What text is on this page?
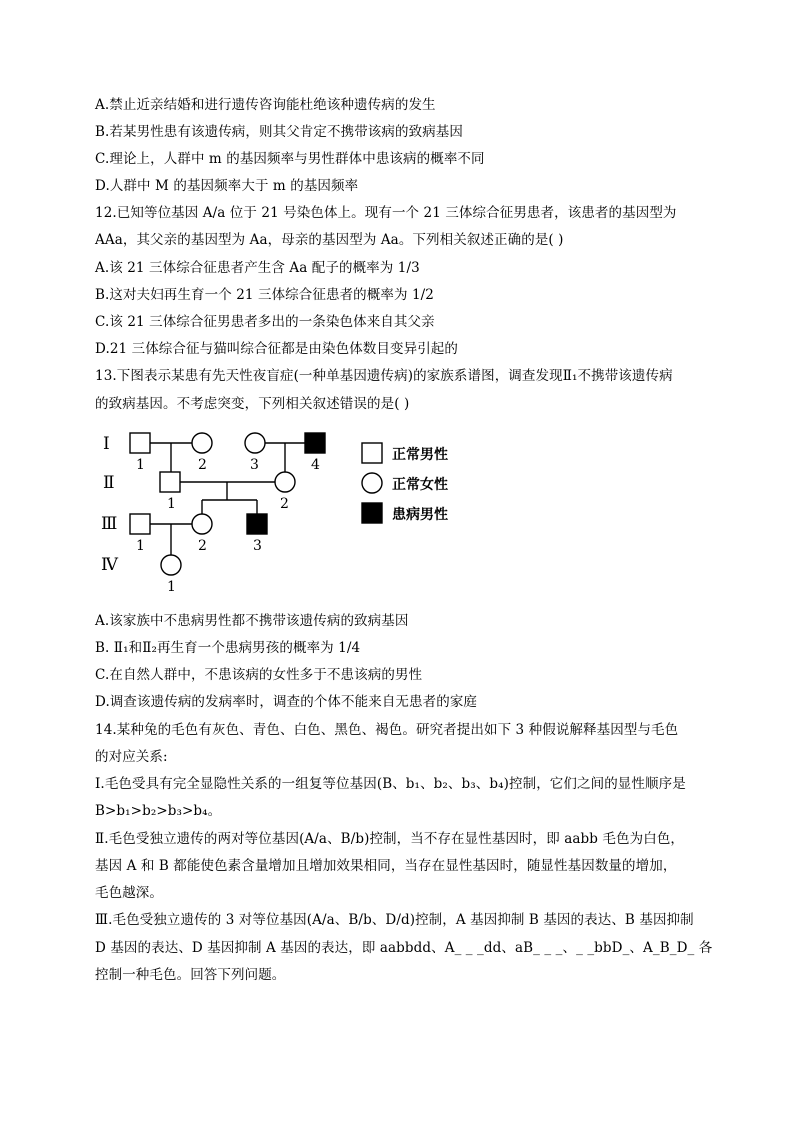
A.禁止近亲结婚和进行遗传咨询能杜绝该种遗传病的发生
B.若某男性患有该遗传病，则其父肯定不携带该病的致病基因
C.理论上，人群中 m 的基因频率与男性群体中患该病的概率不同
D.人群中 M 的基因频率大于 m 的基因频率
12.已知等位基因 A/a 位于 21 号染色体上。现有一个 21 三体综合征男患者，该患者的基因型为
AAa，其父亲的基因型为 Aa，母亲的基因型为 Aa。下列相关叙述正确的是( )
A.该 21 三体综合征患者产生含 Aa 配子的概率为 1/3
B.这对夫妇再生育一个 21 三体综合征患者的概率为 1/2
C.该 21 三体综合征男患者多出的一条染色体来自其父亲
D.21 三体综合征与猫叫综合征都是由染色体数目变异引起的
13.下图表示某患有先天性夜盲症(一种单基因遗传病)的家族系谱图，调查发现Ⅱ₁不携带该遗传病
的致病基因。不考虑突变，下列相关叙述错误的是( )
Ⅰ
Ⅱ
Ⅲ
Ⅳ
1	2	3	4
1	2
1	2	3
1
正常男性
正常女性
患病男性
A.该家族中不患病男性都不携带该遗传病的致病基因
B. Ⅱ₁和Ⅱ₂再生育一个患病男孩的概率为 1/4
C.在自然人群中，不患该病的女性多于不患该病的男性
D.调查该遗传病的发病率时，调查的个体不能来自无患者的家庭
14.某种兔的毛色有灰色、青色、白色、黑色、褐色。研究者提出如下 3 种假说解释基因型与毛色
的对应关系:
Ⅰ.毛色受具有完全显隐性关系的一组复等位基因(B、b₁、b₂、b₃、b₄)控制，它们之间的显性顺序是
B>b₁>b₂>b₃>b₄。
Ⅱ.毛色受独立遗传的两对等位基因(A/a、B/b)控制，当不存在显性基因时，即 aabb 毛色为白色，
基因 A 和 B 都能使色素含量增加且增加效果相同，当存在显性基因时，随显性基因数量的增加，
毛色越深。
Ⅲ.毛色受独立遗传的 3 对等位基因(A/a、B/b、D/d)控制，A 基因抑制 B 基因的表达、B 基因抑制
D 基因的表达、D 基因抑制 A 基因的表达，即 aabbdd、A_ _ _dd、aB_ _ _、_ _bbD_、A_B_D_ 各
控制一种毛色。回答下列问题。
